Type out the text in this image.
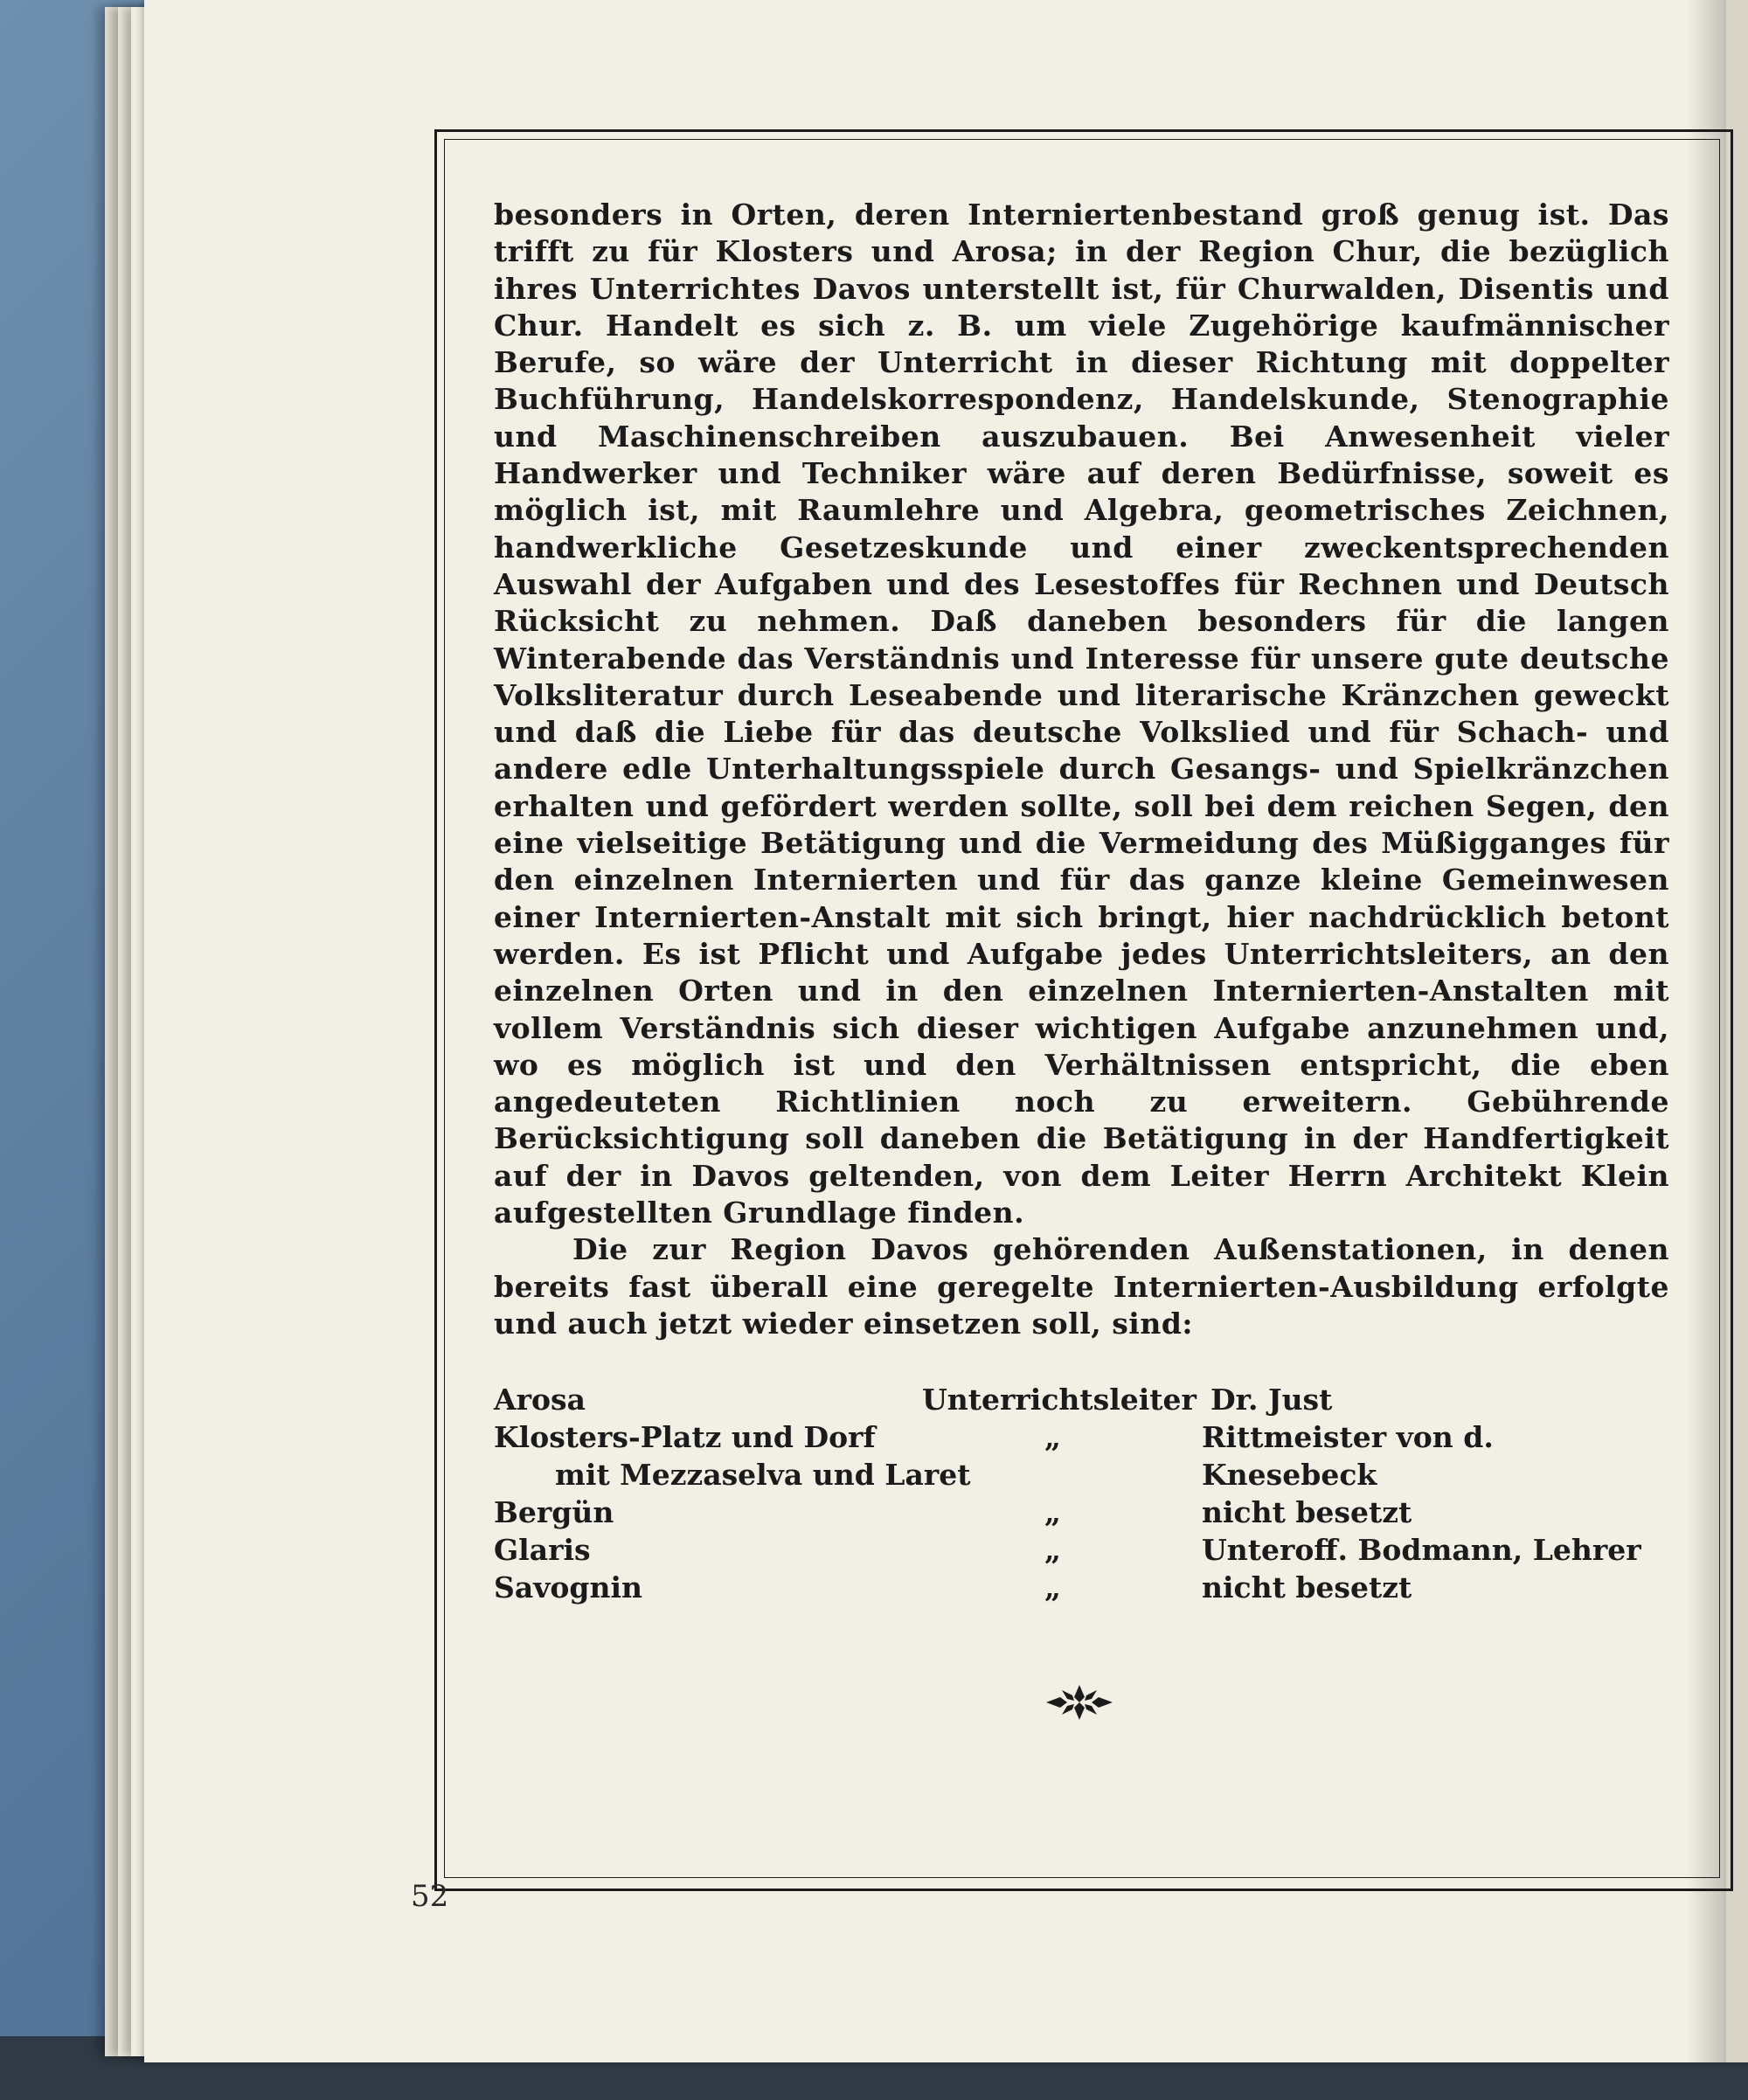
besonders in Orten, deren Interniertenbestand groß genug ist. Das trifft zu für Klosters und Arosa; in der Region Chur, die bezüglich ihres Unterrichtes Davos unterstellt ist, für Churwalden, Disentis und Chur. Handelt es sich z. B. um viele Zugehörige kaufmännischer Berufe, so wäre der Unterricht in dieser Richtung mit doppelter Buchführung, Handelskorrespondenz, Handelskunde, Stenographie und Maschinenschreiben auszubauen. Bei Anwesenheit vieler Handwerker und Techniker wäre auf deren Bedürfnisse, soweit es möglich ist, mit Raumlehre und Algebra, geometrisches Zeichnen, handwerkliche Gesetzeskunde und einer zweckentsprechenden Auswahl der Aufgaben und des Lesestoffes für Rechnen und Deutsch Rücksicht zu nehmen. Daß daneben besonders für die langen Winterabende das Verständnis und Interesse für unsere gute deutsche Volksliteratur durch Leseabende und literarische Kränzchen geweckt und daß die Liebe für das deutsche Volkslied und für Schach- und andere edle Unterhaltungsspiele durch Gesangs- und Spielkränzchen erhalten und gefördert werden sollte, soll bei dem reichen Segen, den eine vielseitige Betätigung und die Vermeidung des Müßigganges für den einzelnen Internierten und für das ganze kleine Gemeinwesen einer Internierten-Anstalt mit sich bringt, hier nachdrücklich betont werden. Es ist Pflicht und Aufgabe jedes Unterrichtsleiters, an den einzelnen Orten und in den einzelnen Internierten-Anstalten mit vollem Verständnis sich dieser wichtigen Aufgabe anzunehmen und, wo es möglich ist und den Verhältnissen entspricht, die eben angedeuteten Richtlinien noch zu erweitern. Gebührende Berücksichtigung soll daneben die Betätigung in der Handfertigkeit auf der in Davos geltenden, von dem Leiter Herrn Architekt Klein aufgestellten Grundlage finden.

Die zur Region Davos gehörenden Außenstationen, in denen bereits fast überall eine geregelte Internierten-Ausbildung erfolgte und auch jetzt wieder einsetzen soll, sind:

Arosa	Unterrichtsleiter Dr. Just
Klosters-Platz und Dorf	„	Rittmeister von d. Knesebeck
mit Mezzaselva und Laret
Bergün	„	nicht besetzt
Glaris	„	Unteroff. Bodmann, Lehrer
Savognin	„	nicht besetzt
52
